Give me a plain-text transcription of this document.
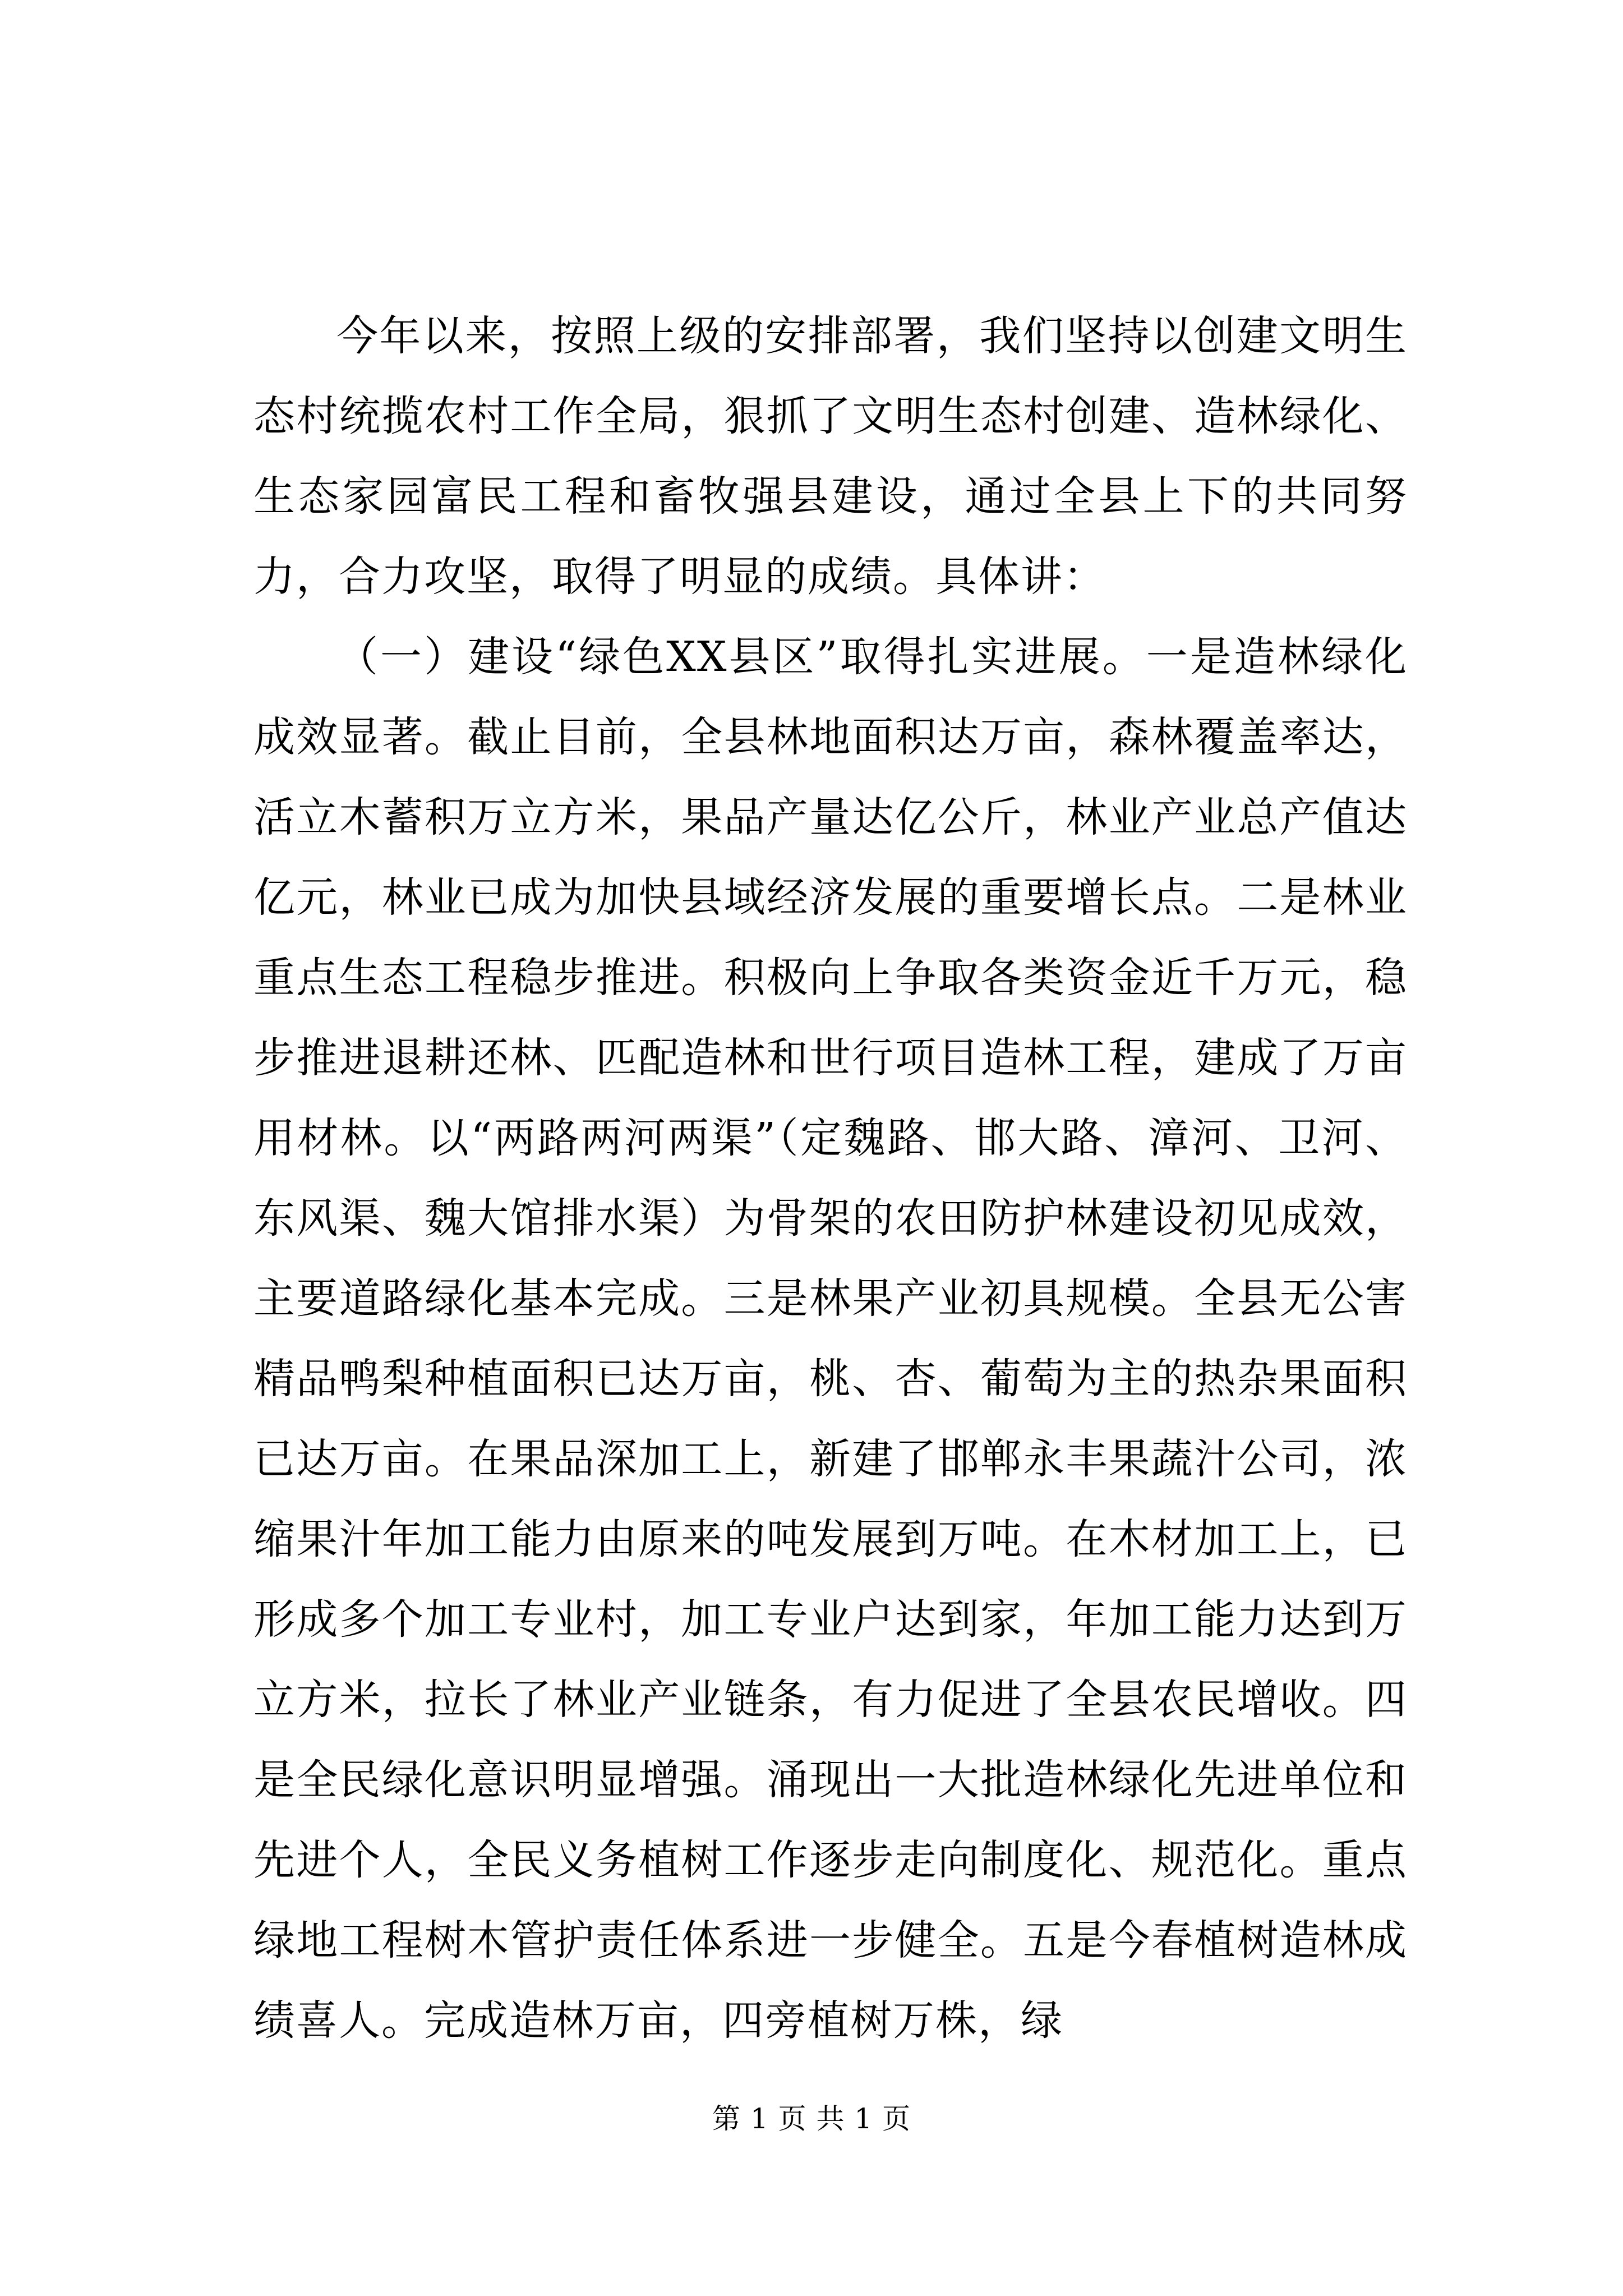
今年以来，按照上级的安排部署，我们坚持以创建文明生态村统揽农村工作全局，狠抓了文明生态村创建、造林绿化、生态家园富民工程和畜牧强县建设，通过全县上下的共同努力，合力攻坚，取得了明显的成绩。具体讲：

（一）建设“绿色XX县区”取得扎实进展。一是造林绿化成效显著。截止目前，全县林地面积达万亩，森林覆盖率达，活立木蓄积万立方米，果品产量达亿公斤，林业产业总产值达亿元，林业已成为加快县域经济发展的重要增长点。二是林业重点生态工程稳步推进。积极向上争取各类资金近千万元，稳步推进退耕还林、匹配造林和世行项目造林工程，建成了万亩用材林。以“两路两河两渠”（定魏路、邯大路、漳河、卫河、东风渠、魏大馆排水渠）为骨架的农田防护林建设初见成效，主要道路绿化基本完成。三是林果产业初具规模。全县无公害精品鸭梨种植面积已达万亩，桃、杏、葡萄为主的热杂果面积已达万亩。在果品深加工上，新建了邯郸永丰果蔬汁公司，浓缩果汁年加工能力由原来的吨发展到万吨。在木材加工上，已形成多个加工专业村，加工专业户达到家，年加工能力达到万立方米，拉长了林业产业链条，有力促进了全县农民增收。四是全民绿化意识明显增强。涌现出一大批造林绿化先进单位和先进个人，全民义务植树工作逐步走向制度化、规范化。重点绿地工程树木管护责任体系进一步健全。五是今春植树造林成绩喜人。完成造林万亩，四旁植树万株，绿

第 1 页 共 1 页
